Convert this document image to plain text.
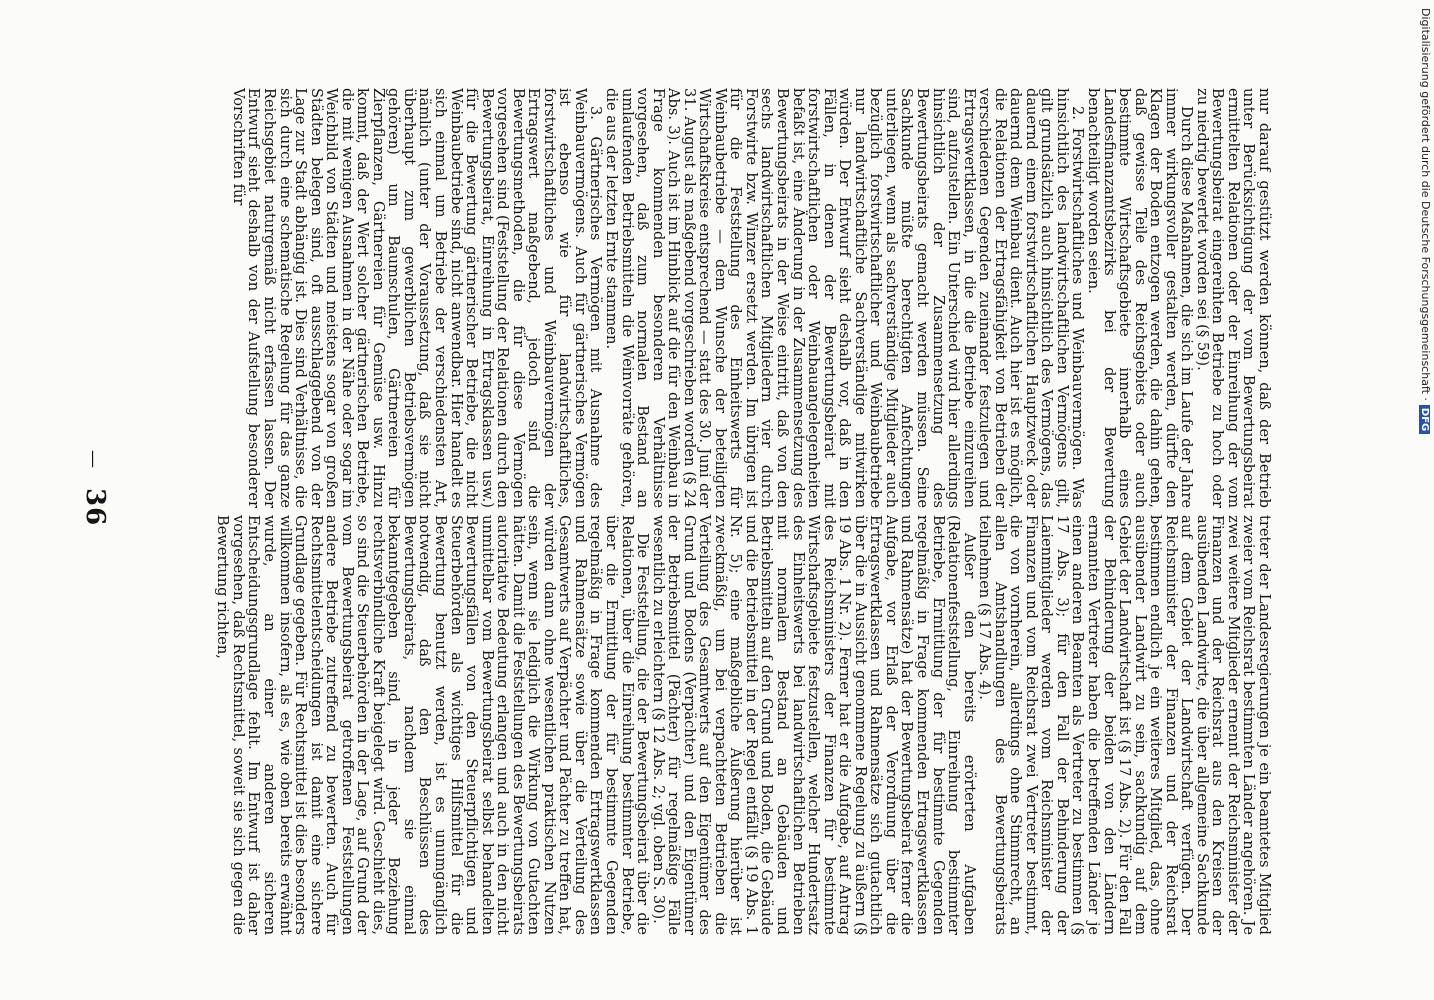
—
36	nur darauf gestützt werden können, daß der Betrieb unter Berücksichtigung der vom Bewertungsbeirat ermittelten Relationen oder der Einreihung der vom Bewertungsbeirat eingereihten Betriebe zu hoch oder zu niedrig bewertet worden sei (§ 59).

Durch diese Maßnahmen, die sich im Laufe der Jahre immer wirkungsvoller gestalten werden, dürfte den Klagen der Boden entzogen werden, die dahin gehen, daß gewisse Teile des Reichsgebiets oder auch bestimmte Wirtschaftsgebiete innerhalb eines Landesfinanzamtsbezirks bei der Bewertung benachteiligt worden seien.

2. Forstwirtschaftliches und Weinbauvermögen. Was hinsichtlich des landwirtschaftlichen Vermögens gilt, gilt grundsätzlich auch hinsichtlich des Vermögens, das dauernd einem forstwirtschaftlichen Hauptzweck oder dauernd dem Weinbau dient. Auch hier ist es möglich, die Relationen der Ertragsfähigkeit von Betrieben der verschiedenen Gegenden zueinander festzulegen und Ertragswertklassen, in die die Betriebe einzureihen sind, aufzustellen. Ein Unterschied wird hier allerdings hinsichtlich der Zusammensetzung des Bewertungsbeirats gemacht werden müssen. Seine Sachkunde müßte berechtigten Anfechtungen unterliegen, wenn als sachverständige Mitglieder auch bezüglich forstwirtschaftlicher und Weinbaubetriebe nur landwirtschaftliche Sachverständige mitwirken würden. Der Entwurf sieht deshalb vor, daß in den Fällen, in denen der Bewertungsbeirat mit forstwirtschaftlichen oder Weinbauangelegenheiten befaßt ist, eine Änderung in der Zusammensetzung des Bewertungsbeirats in der Weise eintritt, daß von den sechs landwirtschaftlichen Mitgliedern vier durch Forstwirte bzw. Winzer ersetzt werden. Im übrigen ist für die Feststellung des Einheitswerts für Weinbaubetriebe — dem Wunsche der beteiligten Wirtschaftskreise entsprechend — statt des 30. Juni der 31. August als maßgebend vorgeschrieben worden (§ 24 Abs. 3). Auch ist im Hinblick auf die für den Weinbau in Frage kommenden besonderen Verhältnisse vorgesehen, daß zum normalen Bestand an umlaufenden Betriebsmitteln die Weinvorräte gehören, die aus der letzten Ernte stammen.

3. Gärtnerisches Vermögen mit Ausnahme des Weinbauvermögens. Auch für gärtnerisches Vermögen ist ebenso wie für landwirtschaftliches, forstwirtschaftliches und Weinbauvermögen der Ertragswert maßgebend, jedoch sind die Bewertungsmethoden, die für diese Vermögen vorgesehen sind (Feststellung der Relationen durch den Bewertungsbeirat, Einreihung in Ertragsklassen usw.) für die Bewertung gärtnerischer Betriebe, die nicht Weinbaubetriebe sind, nicht anwendbar. Hier handelt es sich einmal um Betriebe der verschiedensten Art, nämlich (unter der Voraussetzung, daß sie nicht überhaupt zum gewerblichen Betriebsvermögen gehören) um Baumschulen, Gärtnereien für Zierpflanzen, Gärtnereien für Gemüse usw. Hinzu kommt, daß der Wert solcher gärtnerischen Betriebe, die mit wenigen Ausnahmen in der Nähe oder sogar im Weichbild von Städten und meistens sogar von großen Städten belegen sind, oft ausschlaggebend von der Lage zur Stadt abhängig ist. Dies sind Verhältnisse, die sich durch eine schematische Regelung für das ganze Reichsgebiet naturgemäß nicht erfassen lassen. Der Entwurf sieht deshalb von der Aufstellung besonderer Vorschriften für

treter der Landesregierungen je ein beamtetes Mitglied zweier vom Reichsrat bestimmten Länder angehören. Je zwei weitere Mitglieder ernennt der Reichsminister der Finanzen und der Reichsrat aus den Kreisen der ausübenden Landwirte, die über allgemeine Sachkunde auf dem Gebiet der Landwirtschaft verfügen. Der Reichsminister der Finanzen und der Reichsrat bestimmen endlich je ein weiteres Mitglied, das, ohne ausübender Landwirt zu sein, sachkundig auf dem Gebiet der Landwirtschaft ist (§ 17 Abs. 2). Für den Fall der Behinderung der beiden von den Ländern ernannten Vertreter haben die betreffenden Länder je einen anderen Beamten als Vertreter zu bestimmen (§ 17 Abs. 3); für den Fall der Behinderung der Laienmitglieder werden vom Reichsminister der Finanzen und vom Reichsrat zwei Vertreter bestimmt, die von vornherein, allerdings ohne Stimmrecht, an allen Amtshandlungen des Bewertungsbeirats teilnehmen (§ 17 Abs. 4).

Außer den bereits erörterten Aufgaben (Relationenfeststellung, Einreihung bestimmter Betriebe, Ermittlung der für bestimmte Gegenden regelmäßig in Frage kommenden Ertragswertklassen und Rahmensätze) hat der Bewertungsbeirat ferner die Aufgabe, vor Erlaß der Verordnung über die Ertragswertklassen und Rahmensätze sich gutachtlich über die in Aussicht genommene Regelung zu äußern (§ 19 Abs. 1 Nr. 2). Ferner hat er die Aufgabe, auf Antrag des Reichsministers der Finanzen für bestimmte Wirtschaftsgebiete festzustellen, welcher Hundertsatz des Einheitswerts bei landwirtschaftlichen Betrieben mit normalem Bestand an Gebäuden und Betriebsmitteln auf den Grund und Boden, die Gebäude und die Betriebsmittel in der Regel entfällt (§ 19 Abs. 1 Nr. 5); eine maßgebliche Äußerung hierüber ist zweckmäßig, um bei verpachteten Betrieben die Verteilung des Gesamtwerts auf den Eigentümer des Grund und Bodens (Verpächter) und den Eigentümer der Betriebsmittel (Pächter) für regelmäßige Fälle wesentlich zu erleichtern (§ 12 Abs. 2; vgl. oben S. 30).

Die Feststellung, die der Bewertungsbeirat über die Relationen, über die Einreihung bestimmter Betriebe, über die Ermittlung der für bestimmte Gegenden regelmäßig in Frage kommenden Ertragswertklassen und Rahmensätze sowie über die Verteilung des Gesamtwerts auf Verpächter und Pächter zu treffen hat, würden dann ohne wesentlichen praktischen Nutzen sein, wenn sie lediglich die Wirkung von Gutachten hätten. Damit die Feststellungen des Bewertungsbeirats autoritative Bedeutung erlangen und auch in den nicht unmittelbar vom Bewertungsbeirat selbst behandelten Bewertungsfällen von den Steuerpflichtigen und Steuerbehörden als wichtiges Hilfsmittel für die Bewertung benutzt werden, ist es unumgänglich notwendig, daß den Beschlüssen des Bewertungsbeirats, nachdem sie einmal bekanntgegeben sind, in jeder Beziehung rechtsverbindliche Kraft beigelegt wird. Geschieht dies, so sind die Steuerbehörden in der Lage, auf Grund der vom Bewertungsbeirat getroffenen Feststellungen andere Betriebe zutreffend zu bewerten. Auch für Rechtsmittelentscheidungen ist damit eine sichere Grundlage gegeben. Für Rechtsmittel ist dies besonders willkommen insofern, als es, wie oben bereits erwähnt wurde, an einer anderen sicheren Entscheidungsgrundlage fehlt. Im Entwurf ist daher vorgesehen, daß Rechtsmittel, soweit sie sich gegen die Bewertung richten,

Digitalisierung gefördert durch die Deutsche Forschungsgemeinschaft ·DFG
